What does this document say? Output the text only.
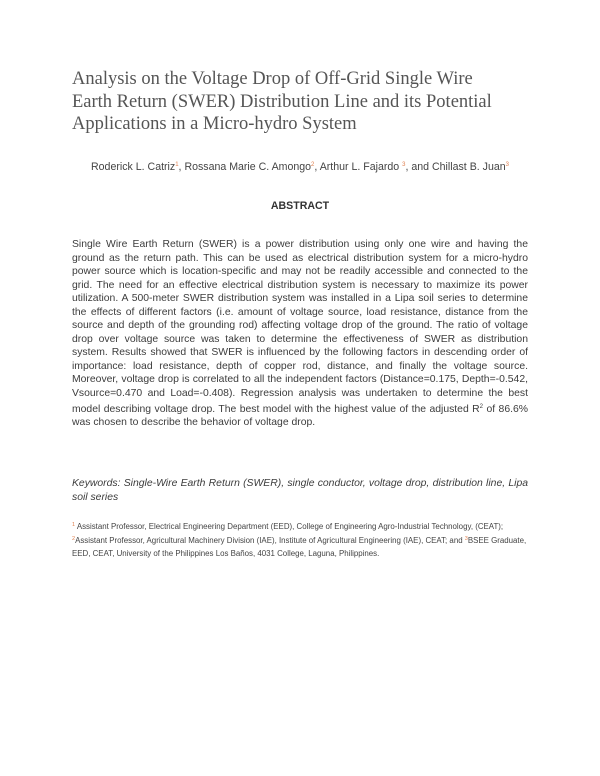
Analysis on the Voltage Drop of Off-Grid Single Wire Earth Return (SWER) Distribution Line and its Potential Applications in a Micro-hydro System
Roderick L. Catriz$^1$, Rossana Marie C. Amongo$^2$, Arthur L. Fajardo $^3$, and Chillast B. Juan$^3$
ABSTRACT

Single Wire Earth Return (SWER) is a power distribution using only one wire and having the ground as the return path. This can be used as electrical distribution system for a micro-hydro power source which is location-specific and may not be readily accessible and connected to the grid. The need for an effective electrical distribution system is necessary to maximize its power utilization. A 500-meter SWER distribution system was installed in a Lipa soil series to determine the effects of different factors (i.e. amount of voltage source, load resistance, distance from the source and depth of the grounding rod) affecting voltage drop of the ground. The ratio of voltage drop over voltage source was taken to determine the effectiveness of SWER as distribution system. Results showed that SWER is influenced by the following factors in descending order of importance: load resistance, depth of copper rod, distance, and finally the voltage source. Moreover, voltage drop is correlated to all the independent factors (Distance=0.175, Depth=-0.542, Vsource=0.470 and Load=-0.408). Regression analysis was undertaken to determine the best model describing voltage drop. The best model with the highest value of the adjusted $R^2$ of 86.6% was chosen to describe the behavior of voltage drop.

Keywords: Single-Wire Earth Return (SWER), single conductor, voltage drop, distribution line, Lipa soil series

$^1$ Assistant Professor, Electrical Engineering Department (EED), College of Engineering Agro-Industrial Technology, (CEAT); $^2$Assistant Professor, Agricultural Machinery Division (IAE), Institute of Agricultural Engineering (IAE), CEAT; and $^3$BSEE Graduate, EED, CEAT, University of the Philippines Los Baños, 4031 College, Laguna, Philippines.
